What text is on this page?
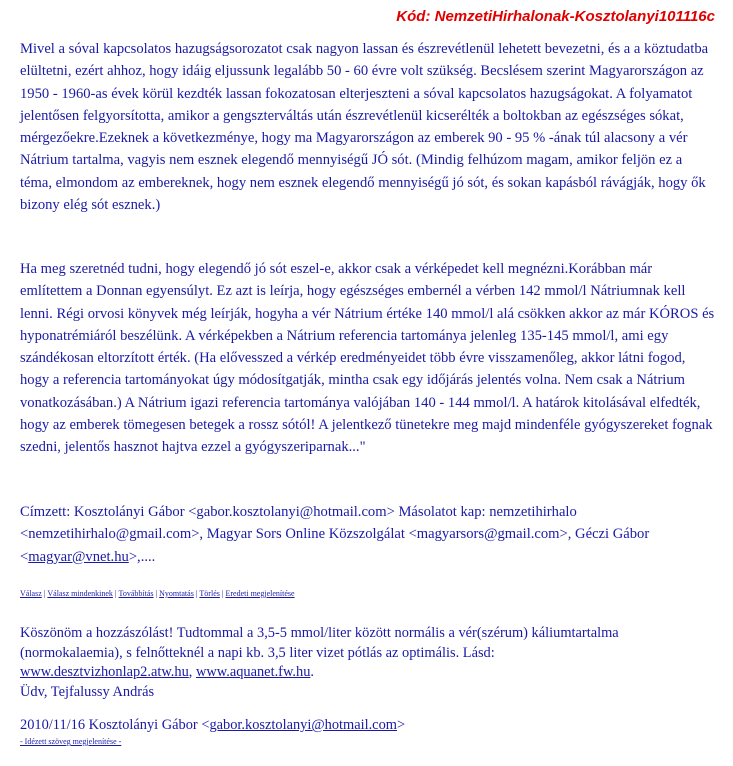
Kód: NemzetiHirhalonak-Kosztolanyi101116c

Mivel a sóval kapcsolatos hazugságsorozatot csak nagyon lassan és észrevétlenül lehetett bevezetni, és a a köztudatba elültetni, ezért ahhoz, hogy idáig eljussunk legalább 50 - 60 évre volt szükség. Becslésem szerint Magyarországon az 1950 - 1960-as évek körül kezdték lassan fokozatosan elterjeszteni a sóval kapcsolatos hazugságokat. A folyamatot jelentősen felgyorsította, amikor a gengszterváltás után észrevétlenül kicserélték a boltokban az egészséges sókat, mérgezőekre.Ezeknek a következménye, hogy ma Magyarországon az emberek 90 - 95 % -ának túl alacsony a vér Nátrium tartalma, vagyis nem esznek elegendő mennyiségű JÓ sót. (Mindig felhúzom magam, amikor feljön ez a téma, elmondom az embereknek, hogy nem esznek elegendő mennyiségű jó sót, és sokan kapásból rávágják, hogy ők bizony elég sót esznek.)

Ha meg szeretnéd tudni, hogy elegendő jó sót eszel-e, akkor csak a vérképedet kell megnézni.Korábban már említettem a Donnan egyensúlyt. Ez azt is leírja, hogy egészséges embernél a vérben 142 mmol/l Nátriumnak kell lenni. Régi orvosi könyvek még leírják, hogyha a vér Nátrium értéke 140 mmol/l alá csökken akkor az már KÓROS és hyponatrémiáról beszélünk. A vérképekben a Nátrium referencia tartománya jelenleg 135-145 mmol/l, ami egy szándékosan eltorzított érték. (Ha elővesszed a vérkép eredményeidet több évre visszamenőleg, akkor látni fogod, hogy a referencia tartományokat úgy módosítgatják, mintha csak egy időjárás jelentés volna. Nem csak a Nátrium vonatkozásában.) A Nátrium igazi referencia tartománya valójában 140 - 144 mmol/l. A határok kitolásával elfedték, hogy az emberek tömegesen betegek a rossz sótól! A jelentkező tünetekre meg majd mindenféle gyógyszereket fognak szedni, jelentős hasznot hajtva ezzel a gyógyszeriparnak..."

Címzett: Kosztolányi Gábor <gabor.kosztolanyi@hotmail.com> Másolatot kap: nemzetihirhalo <nemzetihirhalo@gmail.com>, Magyar Sors Online Közszolgálat <magyarsors@gmail.com>, Géczi Gábor <magyar@vnet.hu>,....

Válasz | Válasz mindenkinek | Továbbítás | Nyomtatás | Törlés | Eredeti megjelenítése

Köszönöm a hozzászólást! Tudtommal a 3,5-5 mmol/liter között normális a vér(szérum) káliumtartalma (normokalaemia), s felnőtteknél a napi kb. 3,5 liter vizet pótlás az optimális. Lásd:
www.desztvizhonlap2.atw.hu, www.aquanet.fw.hu.
Üdv, Tejfalussy András

2010/11/16 Kosztolányi Gábor <gabor.kosztolanyi@hotmail.com>
- Idézett szöveg megjelenítése -
